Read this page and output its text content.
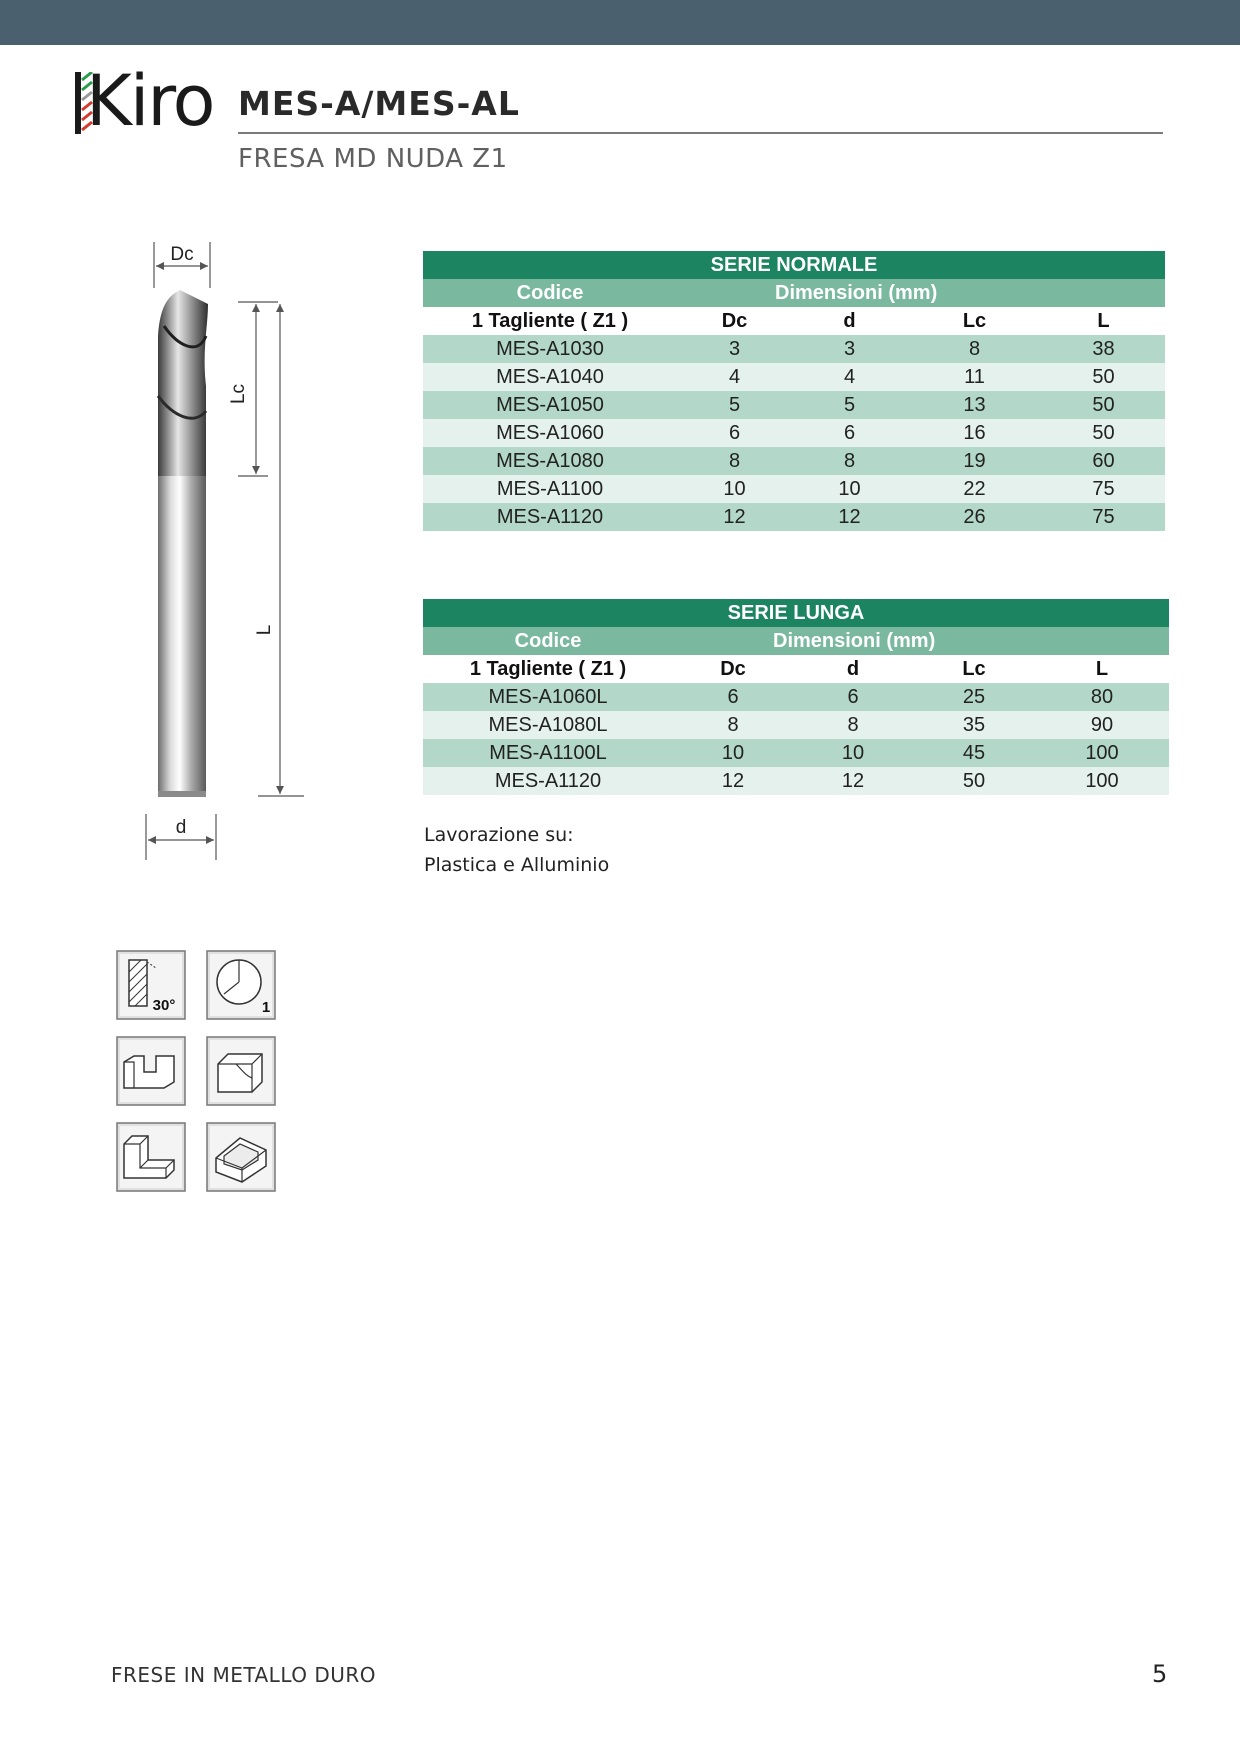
Kiro MES-A/MES-AL
FRESA MD NUDA Z1
Dc
Lc
L
d
SERIE NORMALE				
Codice	Dimensioni (mm)			
1 Tagliente ( Z1 )	Dc	d	Lc	L
MES-A1030	3	3	8	38
MES-A1040	4	4	11	50
MES-A1050	5	5	13	50
MES-A1060	6	6	16	50
MES-A1080	8	8	19	60
MES-A1100	10	10	22	75
MES-A1120	12	12	26	75
SERIE LUNGA				
Codice	Dimensioni (mm)			
1 Tagliente ( Z1 )	Dc	d	Lc	L
MES-A1060L	6	6	25	80
MES-A1080L	8	8	35	90
MES-A1100L	10	10	45	100
MES-A1120	12	12	50	100
Lavorazione su:
Plastica e Alluminio
30°	1
FRESE IN METALLO DURO	5
